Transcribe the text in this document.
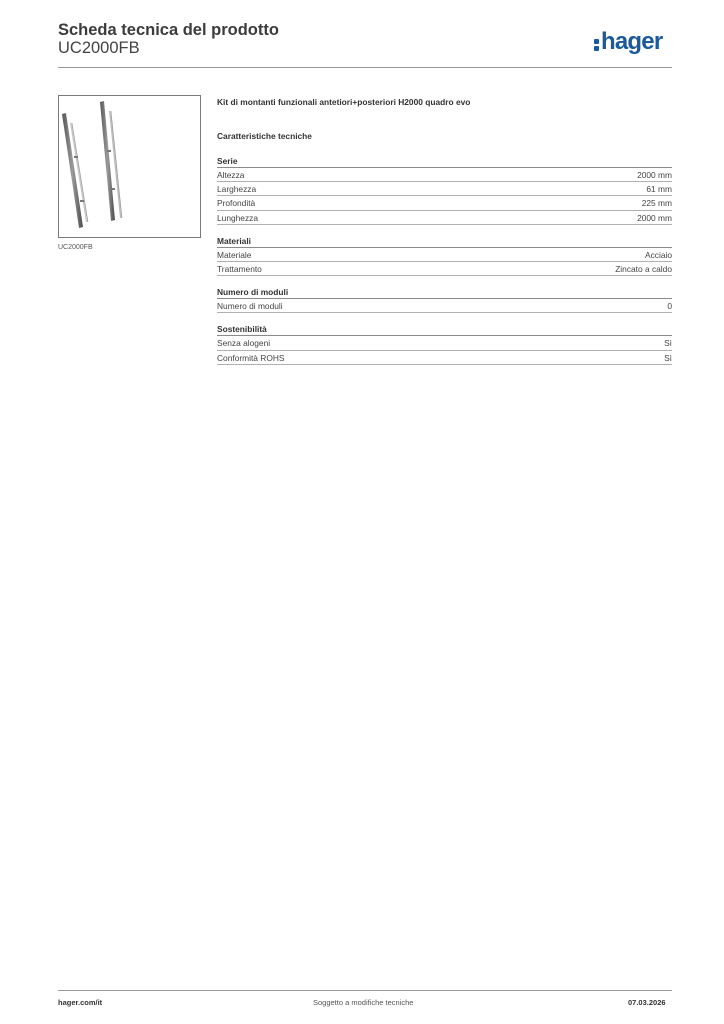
Scheda tecnica del prodotto
UC2000FB	hager
UC2000FB
Kit di montanti funzionali antetiori+posteriori H2000 quadro evo
Caratteristiche tecniche
Serie
Altezza	2000 mm
Larghezza	61 mm
Profondità	225 mm
Lunghezza	2000 mm
Materiali
Materiale	Acciaio
Trattamento	Zincato a caldo
Numero di moduli
Numero di moduli	0
Sostenibilità
Senza alogeni	Sì
Conformità ROHS	Sì
hager.com/it	Soggetto a modifiche tecniche	07.03.2026
